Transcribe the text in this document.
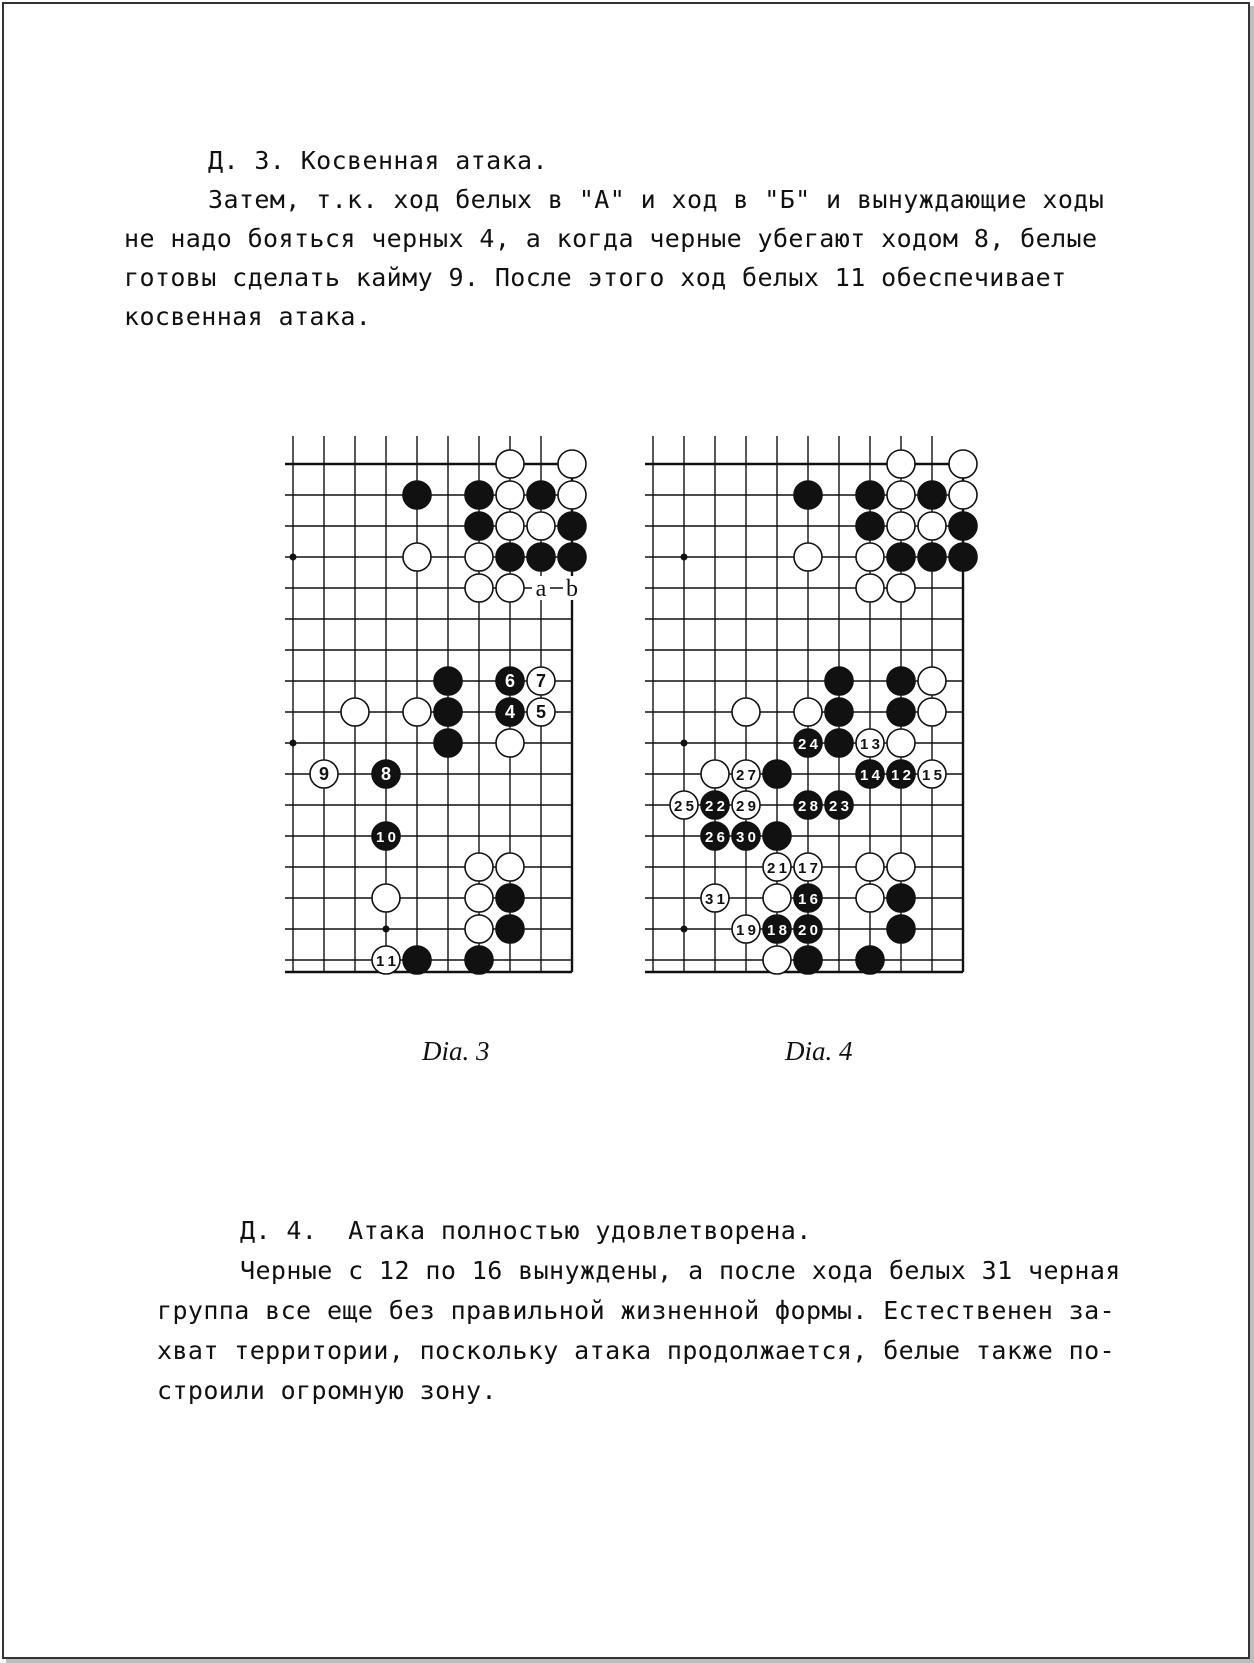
Д. 3. Косвенная атака.
Затем, т.к. ход белых в "А" и ход в "Б" и вынуждающие ходы
не надо бояться черных 4, а когда черные убегают ходом 8, белые
готовы сделать кайму 9. После этого ход белых 11 обеспечивает
косвенная атака.
a b
6 7
4 5
9	8
10
11
24	13
27	14 12 15
25 22 29	28 23
26 30
21 17
31	16
19 18 20
Dia. 3	Dia. 4
Д. 4.  Атака полностью удовлетворена.
Черные с 12 по 16 вынуждены, а после хода белых 31 черная
группа все еще без правильной жизненной формы. Естественен за-
хват территории, поскольку атака продолжается, белые также по-
строили огромную зону.
